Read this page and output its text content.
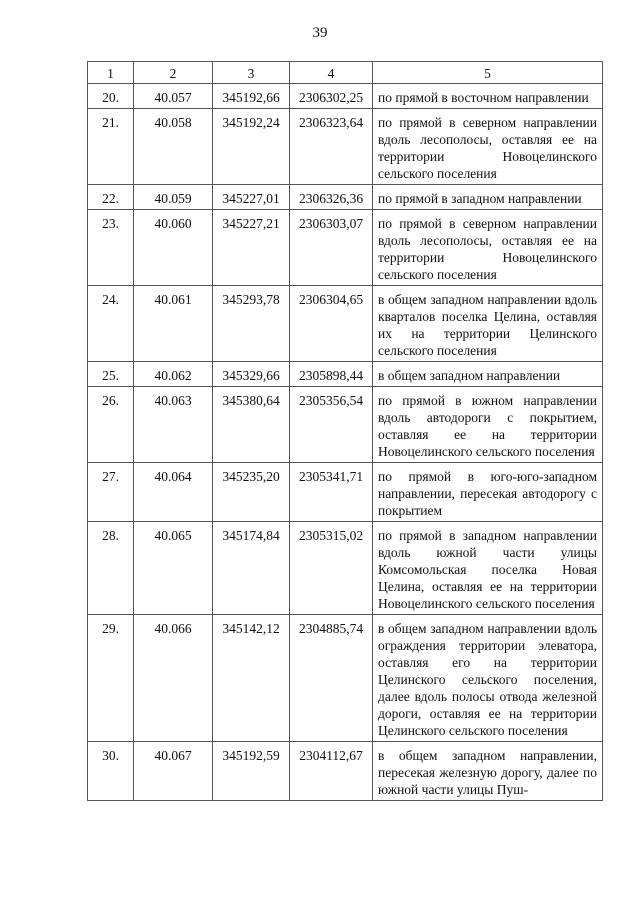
39
1	2	3	4	5
20.	40.057	345192,66	2306302,25	по прямой в восточном направлении
21.	40.058	345192,24	2306323,64	по прямой в северном направлении вдоль лесополосы, оставляя ее на территории Новоцелинского сельского поселения
22.	40.059	345227,01	2306326,36	по прямой в западном направлении
23.	40.060	345227,21	2306303,07	по прямой в северном направлении вдоль лесополосы, оставляя ее на территории Новоцелинского сельского поселения
24.	40.061	345293,78	2306304,65	в общем западном направлении вдоль кварталов поселка Целина, оставляя их на территории Целинского сельского поселения
25.	40.062	345329,66	2305898,44	в общем западном направлении
26.	40.063	345380,64	2305356,54	по прямой в южном направлении вдоль автодороги с покрытием, оставляя ее на территории Новоцелинского сельского поселения
27.	40.064	345235,20	2305341,71	по прямой в юго-юго-западном направлении, пересекая автодорогу с покрытием
28.	40.065	345174,84	2305315,02	по прямой в западном направлении вдоль южной части улицы Комсомольская поселка Новая Целина, оставляя ее на территории Новоцелинского сельского поселения
29.	40.066	345142,12	2304885,74	в общем западном направлении вдоль ограждения территории элеватора, оставляя его на территории Целинского сельского поселения, далее вдоль полосы отвода железной дороги, оставляя ее на территории Целинского сельского поселения
30.	40.067	345192,59	2304112,67	в общем западном направлении, пересекая железную дорогу, далее по южной части улицы Пуш-
